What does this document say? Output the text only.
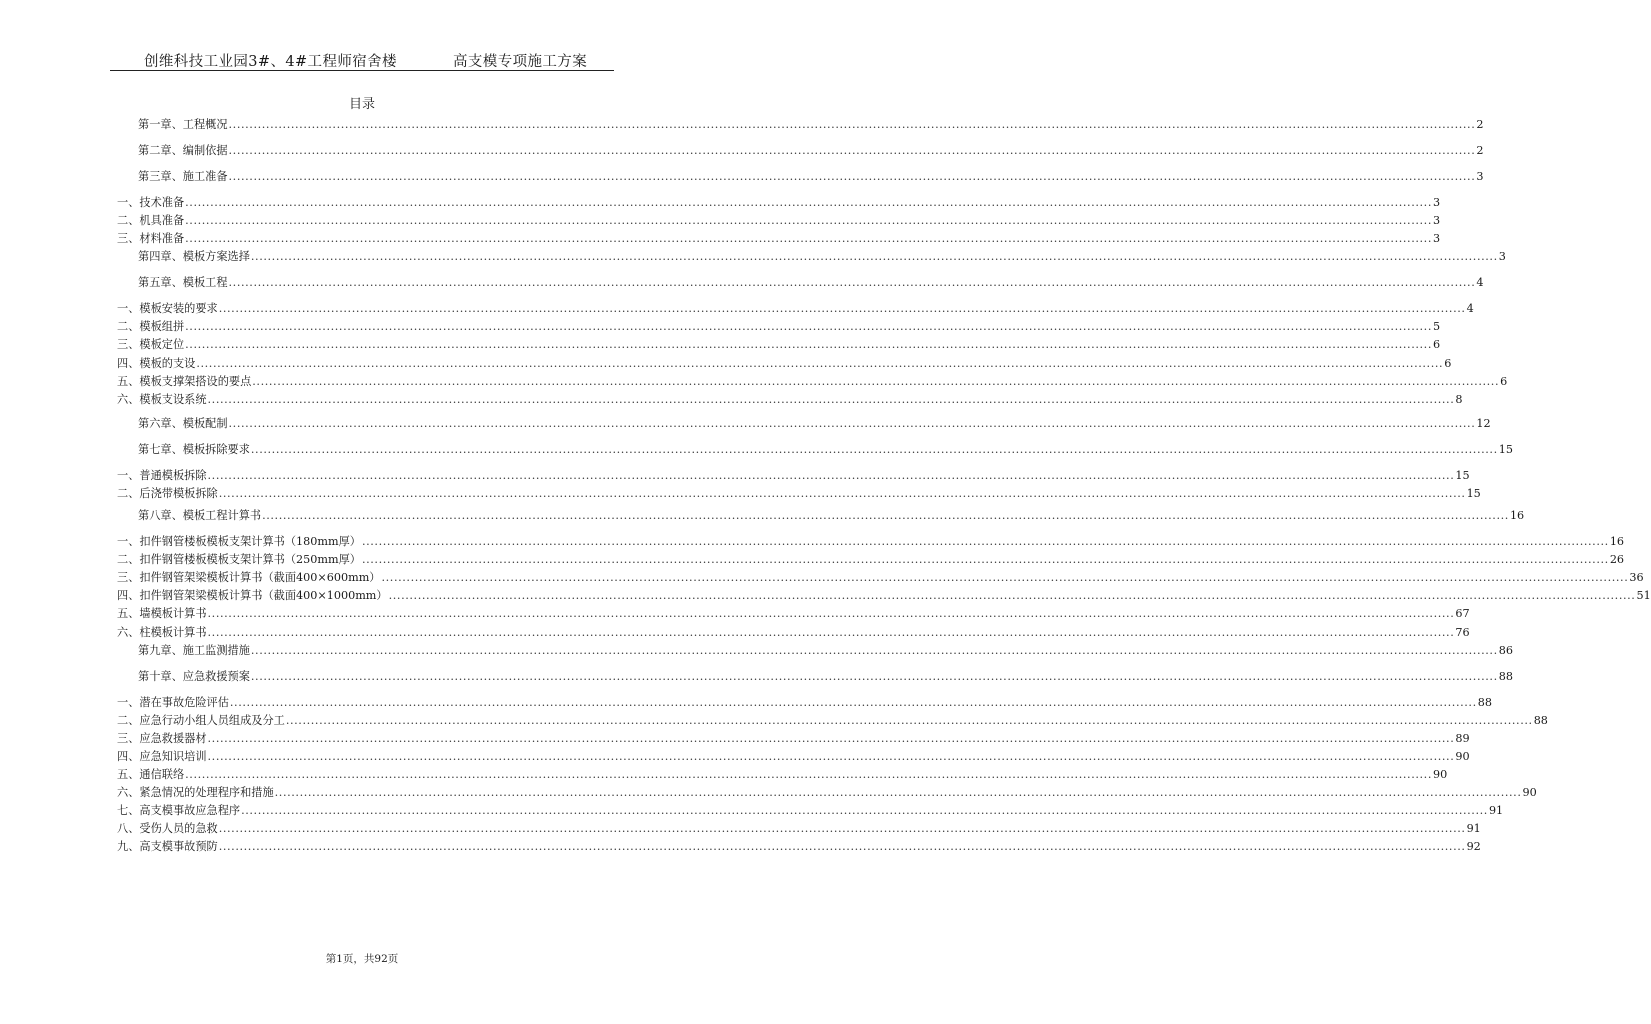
创维科技工业园3#、4#工程师宿舍楼	高支模专项施工方案
目录
第一章、工程概况 ............................................................................................................................................................................................................................................................................................................ 2
第二章、编制依据 ............................................................................................................................................................................................................................................................................................................ 2
第三章、施工准备 ............................................................................................................................................................................................................................................................................................................ 3
一、技术准备 ............................................................................................................................................................................................................................................................................................................ 3
二、机具准备 ............................................................................................................................................................................................................................................................................................................ 3
三、材料准备 ............................................................................................................................................................................................................................................................................................................ 3
第四章、模板方案选择 ............................................................................................................................................................................................................................................................................................................ 3
第五章、模板工程 ............................................................................................................................................................................................................................................................................................................ 4
一、模板安装的要求 ............................................................................................................................................................................................................................................................................................................ 4
二、模板组拼 ............................................................................................................................................................................................................................................................................................................ 5
三、模板定位 ............................................................................................................................................................................................................................................................................................................ 6
四、模板的支设 ............................................................................................................................................................................................................................................................................................................ 6
五、模板支撑架搭设的要点 ............................................................................................................................................................................................................................................................................................................ 6
六、模板支设系统 ............................................................................................................................................................................................................................................................................................................ 8
第六章、模板配制 ............................................................................................................................................................................................................................................................................................................ 12
第七章、模板拆除要求 ............................................................................................................................................................................................................................................................................................................ 15
一、普通模板拆除 ............................................................................................................................................................................................................................................................................................................ 15
二、后浇带模板拆除 ............................................................................................................................................................................................................................................................................................................ 15
第八章、模板工程计算书 ............................................................................................................................................................................................................................................................................................................ 16
一、扣件钢管楼板模板支架计算书（180mm厚） ............................................................................................................................................................................................................................................................................................................ 16
二、扣件钢管楼板模板支架计算书（250mm厚） ............................................................................................................................................................................................................................................................................................................ 26
三、扣件钢管架梁模板计算书（截面400×600mm） ............................................................................................................................................................................................................................................................................................................ 36
四、扣件钢管架梁模板计算书（截面400×1000mm） ............................................................................................................................................................................................................................................................................................................ 51
五、墙模板计算书 ............................................................................................................................................................................................................................................................................................................ 67
六、柱模板计算书 ............................................................................................................................................................................................................................................................................................................ 76
第九章、施工监测措施 ............................................................................................................................................................................................................................................................................................................ 86
第十章、应急救援预案 ............................................................................................................................................................................................................................................................................................................ 88
一、潜在事故危险评估 ............................................................................................................................................................................................................................................................................................................ 88
二、应急行动小组人员组成及分工 ............................................................................................................................................................................................................................................................................................................ 88
三、应急救援器材 ............................................................................................................................................................................................................................................................................................................ 89
四、应急知识培训 ............................................................................................................................................................................................................................................................................................................ 90
五、通信联络 ............................................................................................................................................................................................................................................................................................................ 90
六、紧急情况的处理程序和措施 ............................................................................................................................................................................................................................................................................................................ 90
七、高支模事故应急程序 ............................................................................................................................................................................................................................................................................................................ 91
八、受伤人员的急救 ............................................................................................................................................................................................................................................................................................................ 91
九、高支模事故预防 ............................................................................................................................................................................................................................................................................................................ 92
第1页，共92页
